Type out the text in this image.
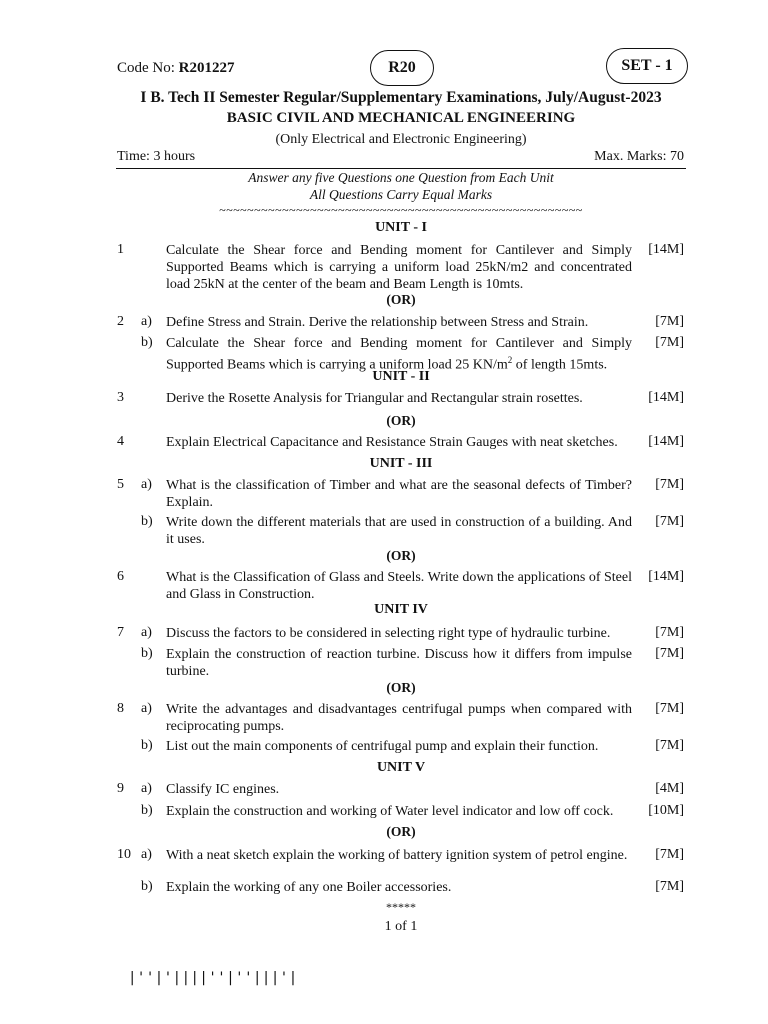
Code No: R201227	R20	SET - 1
I B. Tech II Semester Regular/Supplementary Examinations, July/August-2023
BASIC CIVIL AND MECHANICAL ENGINEERING
(Only Electrical and Electronic Engineering)
Time: 3 hours	Max. Marks: 70
Answer any five Questions one Question from Each Unit
All Questions Carry Equal Marks
~~~~~~~~~~~~~~~~~~~~~~~~~~~~~~~~~~~~~~~~~~~~~~~~~~~~
UNIT - I
1	Calculate the Shear force and Bending moment for Cantilever and Simply Supported Beams which is carrying a uniform load 25kN/m2 and concentrated load 25kN at the center of the beam and Beam Length is 10mts.
[14M]
(OR)
2 a) Define Stress and Strain. Derive the relationship between Stress and Strain.	[7M]
b) Calculate the Shear force and Bending moment for Cantilever and Simply Supported Beams which is carrying a uniform load 25 $KN/m^2$ of length 15mts.
[7M]
UNIT - II
3	Derive the Rosette Analysis for Triangular and Rectangular strain rosettes.	[14M]
(OR)
4	Explain Electrical Capacitance and Resistance Strain Gauges with neat sketches.	[14M]
UNIT - III
5 a) What is the classification of Timber and what are the seasonal defects of Timber? Explain.
[7M]
b) Write down the different materials that are used in construction of a building. And it uses.
[7M]
(OR)
6	What is the Classification of Glass and Steels. Write down the applications of Steel and Glass in Construction.
[14M]
UNIT IV
7 a) Discuss the factors to be considered in selecting right type of hydraulic turbine.	[7M]
b) Explain the construction of reaction turbine. Discuss how it differs from impulse turbine.
[7M]
(OR)
8 a) Write the advantages and disadvantages centrifugal pumps when compared with reciprocating pumps.
[7M]
b) List out the main components of centrifugal pump and explain their function.	[7M]
UNIT V
9 a) Classify IC engines.	[4M]
b) Explain the construction and working of Water level indicator and low off cock.	[10M]
(OR)
10 a) With a neat sketch explain the working of battery ignition system of petrol engine.	[7M]
b) Explain the working of any one Boiler accessories.	[7M]
*****
1 of 1
|''|'||||''|''|||'|
